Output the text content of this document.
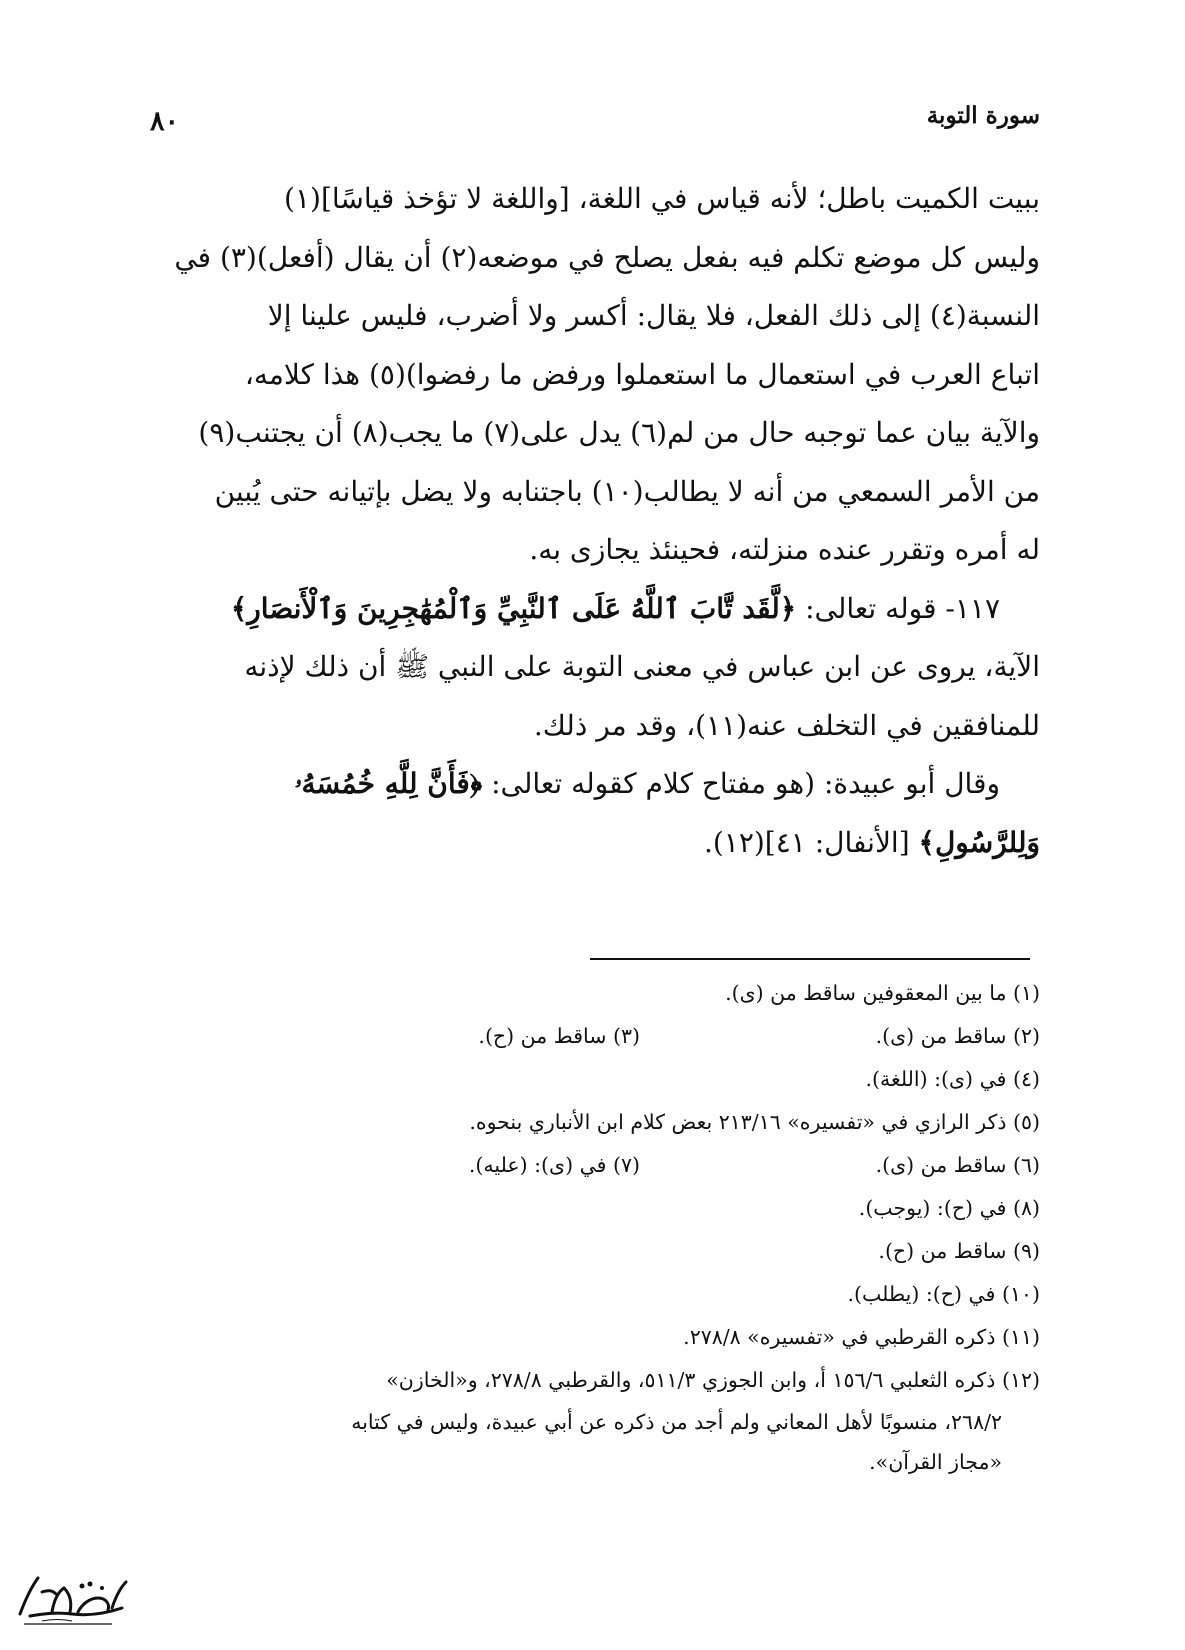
سورة التوبة
٨٠

ببيت الكميت باطل؛ لأنه قياس في اللغة، [واللغة لا تؤخذ قياسًا](١)

وليس كل موضع تكلم فيه بفعل يصلح في موضعه(٢) أن يقال (أفعل)(٣) في

النسبة(٤) إلى ذلك الفعل، فلا يقال: أكسر ولا أضرب، فليس علينا إلا

اتباع العرب في استعمال ما استعملوا ورفض ما رفضوا)(٥) هذا كلامه،

والآية بيان عما توجبه حال من لم(٦) يدل على(٧) ما يجب(٨) أن يجتنب(٩)

من الأمر السمعي من أنه لا يطالب(١٠) باجتنابه ولا يضل بإتيانه حتى يُبين

له أمره وتقرر عنده منزلته، فحينئذ يجازى به.

١١٧- قوله تعالى: ﴿لَّقَد تَّابَ ٱللَّهُ عَلَى ٱلنَّبِيِّ وَٱلْمُهَٰجِرِينَ وَٱلْأَنصَارِ﴾

الآية، يروى عن ابن عباس في معنى التوبة على النبي ﷺ أن ذلك لإذنه

للمنافقين في التخلف عنه(١١)، وقد مر ذلك.

وقال أبو عبيدة: (هو مفتاح كلام كقوله تعالى: ﴿فَأَنَّ لِلَّهِ خُمُسَهُۥ

وَلِلرَّسُولِ﴾ [الأنفال: ٤١](١٢).

(١) ما بين المعقوفين ساقط من (ى).
(٢) ساقط من (ى).
(٣) ساقط من (ح).
(٤) في (ى): (اللغة).
(٥) ذكر الرازي في «تفسيره» ٢١٣/١٦ بعض كلام ابن الأنباري بنحوه.
(٦) ساقط من (ى).
(٧) في (ى): (عليه).
(٨) في (ح): (يوجب).
(٩) ساقط من (ح).
(١٠) في (ح): (يطلب).
(١١) ذكره القرطبي في «تفسيره» ٢٧٨/٨.
(١٢) ذكره الثعلبي ١٥٦/٦ أ، وابن الجوزي ٥١١/٣، والقرطبي ٢٧٨/٨، و«الخازن»
٢٦٨/٢، منسوبًا لأهل المعاني ولم أجد من ذكره عن أبي عبيدة، وليس في كتابه
«مجاز القرآن».
